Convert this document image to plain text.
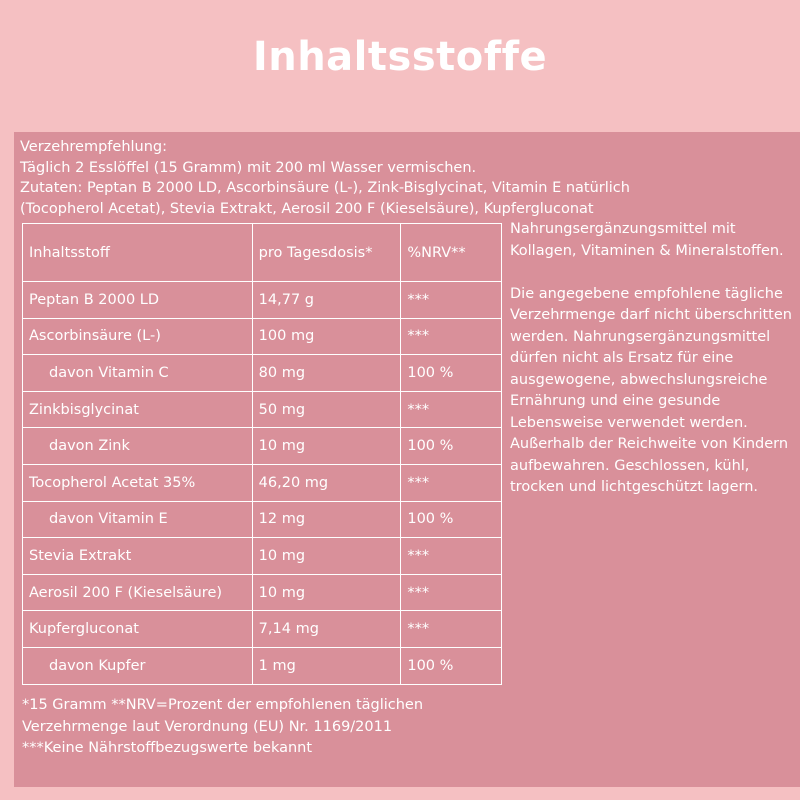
Inhaltsstoffe
Verzehrempfehlung:
Täglich 2 Esslöffel (15 Gramm) mit 200 ml Wasser vermischen.
Zutaten: Peptan B 2000 LD, Ascorbinsäure (L-), Zink-Bisglycinat, Vitamin E natürlich
(Tocopherol Acetat), Stevia Extrakt, Aerosil 200 F (Kieselsäure), Kupfergluconat
Inhaltsstoff	pro Tagesdosis*	%NRV**
Peptan B 2000 LD	14,77 g	***
Ascorbinsäure (L-)	100 mg	***
davon Vitamin C	80 mg	100 %
Zinkbisglycinat	50 mg	***
davon Zink	10 mg	100 %
Tocopherol Acetat 35%	46,20 mg	***
davon Vitamin E	12 mg	100 %
Stevia Extrakt	10 mg	***
Aerosil 200 F (Kieselsäure)	10 mg	***
Kupfergluconat	7,14 mg	***
davon Kupfer	1 mg	100 %

Nahrungsergänzungsmittel mit Kollagen, Vitaminen & Mineralstoffen.

Die angegebene empfohlene tägliche Verzehrmenge darf nicht überschritten werden. Nahrungsergänzungsmittel dürfen nicht als Ersatz für eine ausgewogene, abwechslungsreiche Ernährung und eine gesunde Lebensweise verwendet werden. Außerhalb der Reichweite von Kindern aufbewahren. Geschlossen, kühl, trocken und lichtgeschützt lagern.

*15 Gramm **NRV=Prozent der empfohlenen täglichen
Verzehrmenge laut Verordnung (EU) Nr. 1169/2011
***Keine Nährstoffbezugswerte bekannt
